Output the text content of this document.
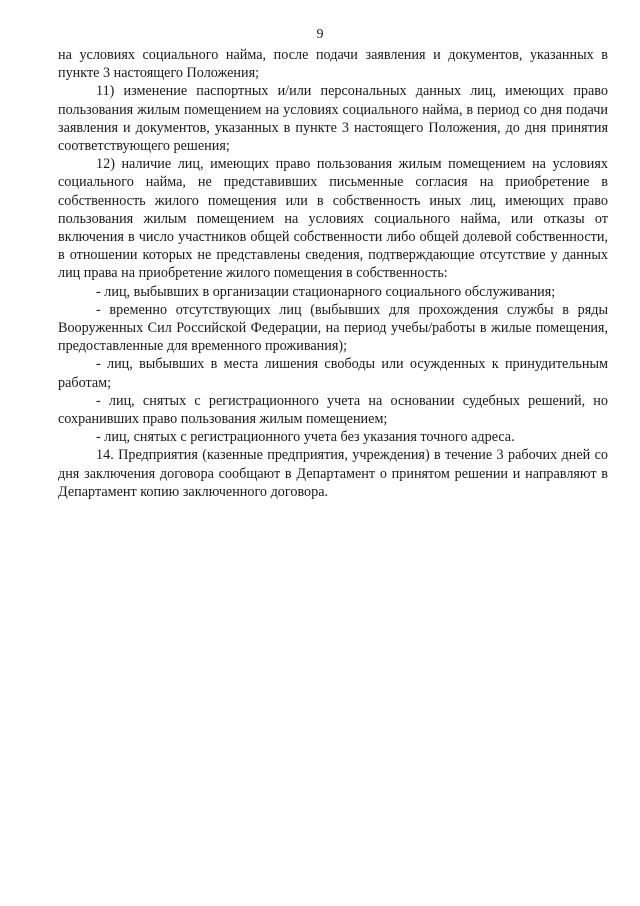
9

на условиях социального найма, после подачи заявления и документов, указанных в пункте 3 настоящего Положения;

11) изменение паспортных и/или персональных данных лиц, имеющих право пользования жилым помещением на условиях социального найма, в период со дня подачи заявления и документов, указанных в пункте 3 настоящего Положения, до дня принятия соответствующего решения;

12) наличие лиц, имеющих право пользования жилым помещением на условиях социального найма, не представивших письменные согласия на приобретение в собственность жилого помещения или в собственность иных лиц, имеющих право пользования жилым помещением на условиях социального найма, или отказы от включения в число участников общей собственности либо общей долевой собственности, в отношении которых не представлены сведения, подтверждающие отсутствие у данных лиц права на приобретение жилого помещения в собственность:

- лиц, выбывших в организации стационарного социального обслуживания;

- временно отсутствующих лиц (выбывших для прохождения службы в ряды Вооруженных Сил Российской Федерации, на период учебы/работы в жилые помещения, предоставленные для временного проживания);

- лиц, выбывших в места лишения свободы или осужденных к принудительным работам;

- лиц, снятых с регистрационного учета на основании судебных решений, но сохранивших право пользования жилым помещением;

- лиц, снятых с регистрационного учета без указания точного адреса.

14. Предприятия (казенные предприятия, учреждения) в течение 3 рабочих дней со дня заключения договора сообщают в Департамент о принятом решении и направляют в Департамент копию заключенного договора.
